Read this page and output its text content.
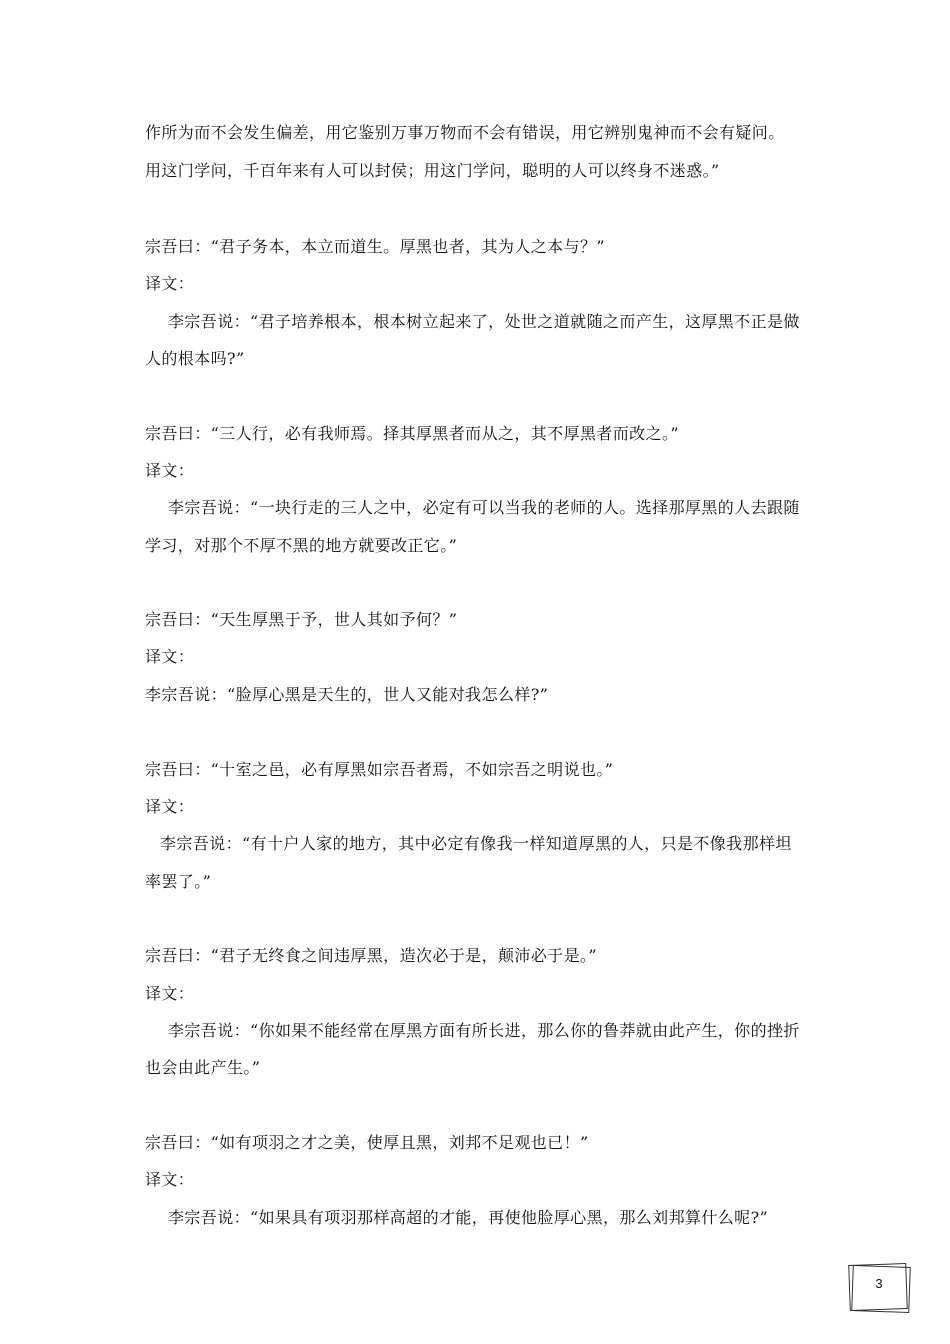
作所为而不会发生偏差，用它鉴别万事万物而不会有错误，用它辨别鬼神而不会有疑问。
用这门学问，千百年来有人可以封侯；用这门学问，聪明的人可以终身不迷惑。”
宗吾曰：“君子务本，本立而道生。厚黑也者，其为人之本与？”
译文：
李宗吾说：“君子培养根本，根本树立起来了，处世之道就随之而产生，这厚黑不正是做
人的根本吗?”
宗吾曰：“三人行，必有我师焉。择其厚黑者而从之，其不厚黑者而改之。”
译文：
李宗吾说：“一块行走的三人之中，必定有可以当我的老师的人。选择那厚黑的人去跟随
学习，对那个不厚不黑的地方就要改正它。”
宗吾曰：“天生厚黑于予，世人其如予何？”
译文：
李宗吾说：“脸厚心黑是天生的，世人又能对我怎么样?”
宗吾曰：“十室之邑，必有厚黑如宗吾者焉，不如宗吾之明说也。”
译文：
李宗吾说：“有十户人家的地方，其中必定有像我一样知道厚黑的人，只是不像我那样坦
率罢了。”
宗吾曰：“君子无终食之间违厚黑，造次必于是，颠沛必于是。”
译文：
李宗吾说：“你如果不能经常在厚黑方面有所长进，那么你的鲁莽就由此产生，你的挫折
也会由此产生。”
宗吾曰：“如有项羽之才之美，使厚且黑，刘邦不足观也已！”
译文：
李宗吾说：“如果具有项羽那样高超的才能，再使他脸厚心黑，那么刘邦算什么呢?”
3
